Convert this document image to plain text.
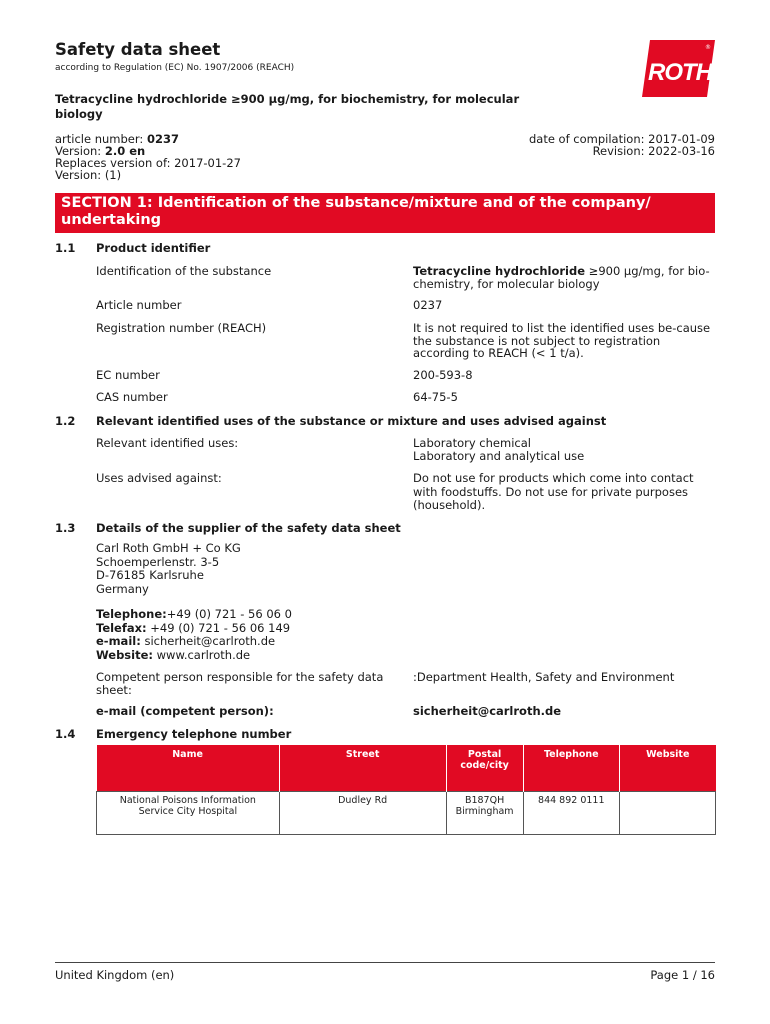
Safety data sheet
according to Regulation (EC) No. 1907/2006 (REACH)	ROTH
®
Tetracycline hydrochloride ≥900 µg/mg, for biochemistry, for molecular biology
article number: 0237
Version: 2.0 en
Replaces version of: 2017-01-27
Version: (1)
date of compilation: 2017-01-09
Revision: 2022-03-16
SECTION 1: Identification of the substance/mixture and of the company/ undertaking
1.1 Product identifier
Identification of the substance	Tetracycline hydrochloride ≥900 µg/mg, for bio-chemistry, for molecular biology
Article number	0237
Registration number (REACH)	It is not required to list the identified uses be-cause the substance is not subject to registration according to REACH (< 1 t/a).
EC number	200-593-8
CAS number	64-75-5
1.2 Relevant identified uses of the substance or mixture and uses advised against
Relevant identified uses:	Laboratory chemical
Laboratory and analytical use
Uses advised against:	Do not use for products which come into contact with foodstuffs. Do not use for private purposes (household).
1.3 Details of the supplier of the safety data sheet
Carl Roth GmbH + Co KG
Schoemperlenstr. 3-5
D-76185 Karlsruhe
Germany
Telephone:+49 (0) 721 - 56 06 0
Telefax: +49 (0) 721 - 56 06 149
e-mail: sicherheit@carlroth.de
Website: www.carlroth.de
Competent person responsible for the safety data sheet:
:Department Health, Safety and Environment
e-mail (competent person):	sicherheit@carlroth.de
1.4 Emergency telephone number
Name	Street	Postal code/city	Telephone	Website
National Poisons Information Service City Hospital	Dudley Rd	B187QH Birmingham	844 892 0111	
United Kingdom (en)	Page 1 / 16
